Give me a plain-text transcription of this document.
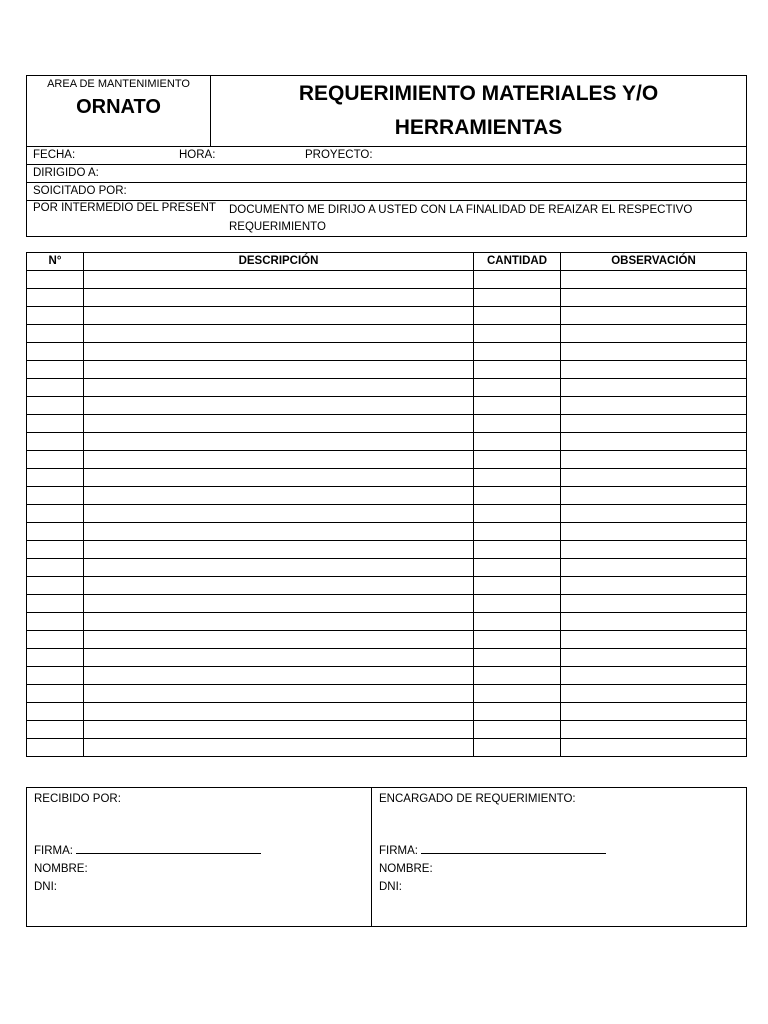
AREA DE MANTENIMIENTO
ORNATO

REQUERIMIENTO MATERIALES Y/O
HERRAMIENTAS

FECHA:	HORA:	PROYECTO:

DIRIGIDO A:
SOICITADO POR:

POR INTERMEDIO DEL PRESENT DOCUMENTO ME DIRIJO A USTED CON LA FINALIDAD DE REAIZAR EL RESPECTIVO REQUERIMIENTO
N°	DESCRIPCIÓN	CANTIDAD	OBSERVACIÓN

RECIBIDO POR:
FIRMA:
NOMBRE:
DNI:

ENCARGADO DE REQUERIMIENTO:
FIRMA:
NOMBRE:
DNI:
